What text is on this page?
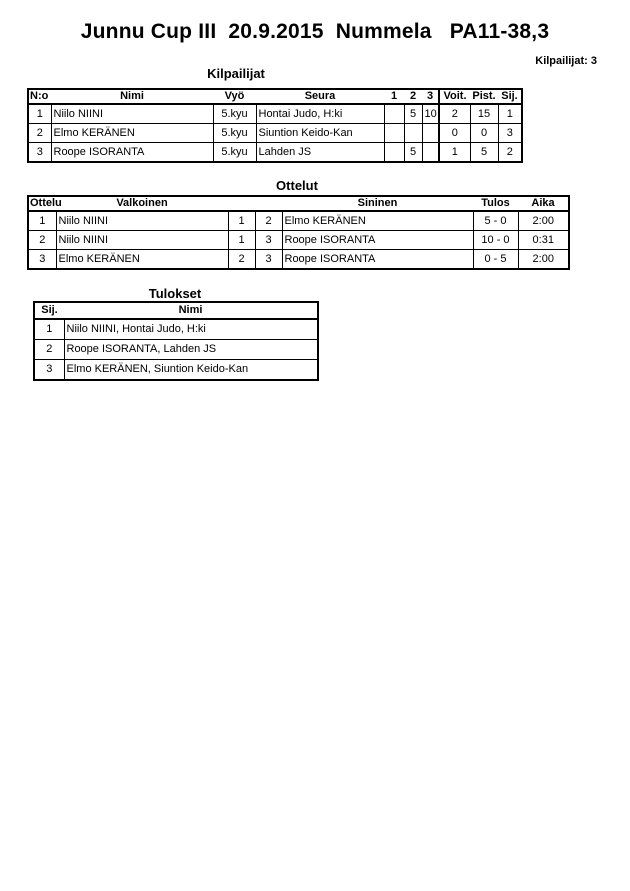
Junnu Cup III  20.9.2015  Nummela   PA11-38,3
Kilpailijat: 3
Kilpailijat
N:o	Nimi	Vyö	Seura	1	2	3	Voit.	Pist.	Sij.
1	Niilo NIINI	5.kyu	Hontai Judo, H:ki		5	10	2	15	1
2	Elmo KERÄNEN	5.kyu	Siuntion Keido-Kan				0	0	3
3	Roope ISORANTA	5.kyu	Lahden JS		5		1	5	2
Ottelut
Ottelu	Valkoinen			Sininen	Tulos	Aika
1	Niilo NIINI	1	2	Elmo KERÄNEN	5 - 0	2:00
2	Niilo NIINI	1	3	Roope ISORANTA	10 - 0	0:31
3	Elmo KERÄNEN	2	3	Roope ISORANTA	0 - 5	2:00
Tulokset
Sij.	Nimi
1	Niilo NIINI, Hontai Judo, H:ki
2	Roope ISORANTA, Lahden JS
3	Elmo KERÄNEN, Siuntion Keido-Kan
